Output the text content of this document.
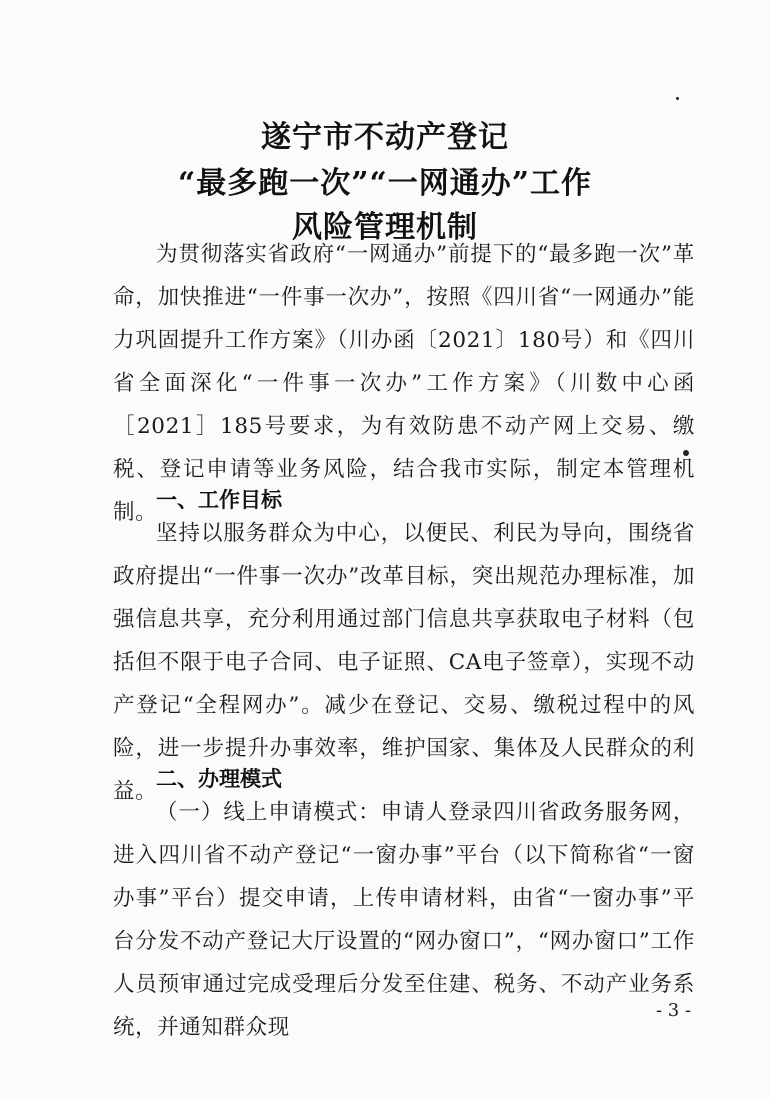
遂宁市不动产登记
“最多跑一次”“一网通办”工作
风险管理机制
为贯彻落实省政府“一网通办”前提下的“最多跑一次”革命，加快推进“一件事一次办”，按照《四川省“一网通办”能力巩固提升工作方案》（川办函〔2021〕180号）和《四川省全面深化“一件事一次办”工作方案》（川数中心函［2021］185号要求，为有效防患不动产网上交易、缴税、登记申请等业务风险，结合我市实际，制定本管理机制。
一、工作目标
坚持以服务群众为中心，以便民、利民为导向，围绕省政府提出“一件事一次办”改革目标，突出规范办理标准，加强信息共享，充分利用通过部门信息共享获取电子材料（包括但不限于电子合同、电子证照、CA电子签章），实现不动产登记“全程网办”。减少在登记、交易、缴税过程中的风险，进一步提升办事效率，维护国家、集体及人民群众的利益。
二、办理模式
（一）线上申请模式：申请人登录四川省政务服务网，进入四川省不动产登记“一窗办事”平台（以下简称省“一窗办事”平台）提交申请，上传申请材料，由省“一窗办事”平台分发不动产登记大厅设置的“网办窗口”，“网办窗口”工作人员预审通过完成受理后分发至住建、税务、不动产业务系统，并通知群众现
- 3 -
